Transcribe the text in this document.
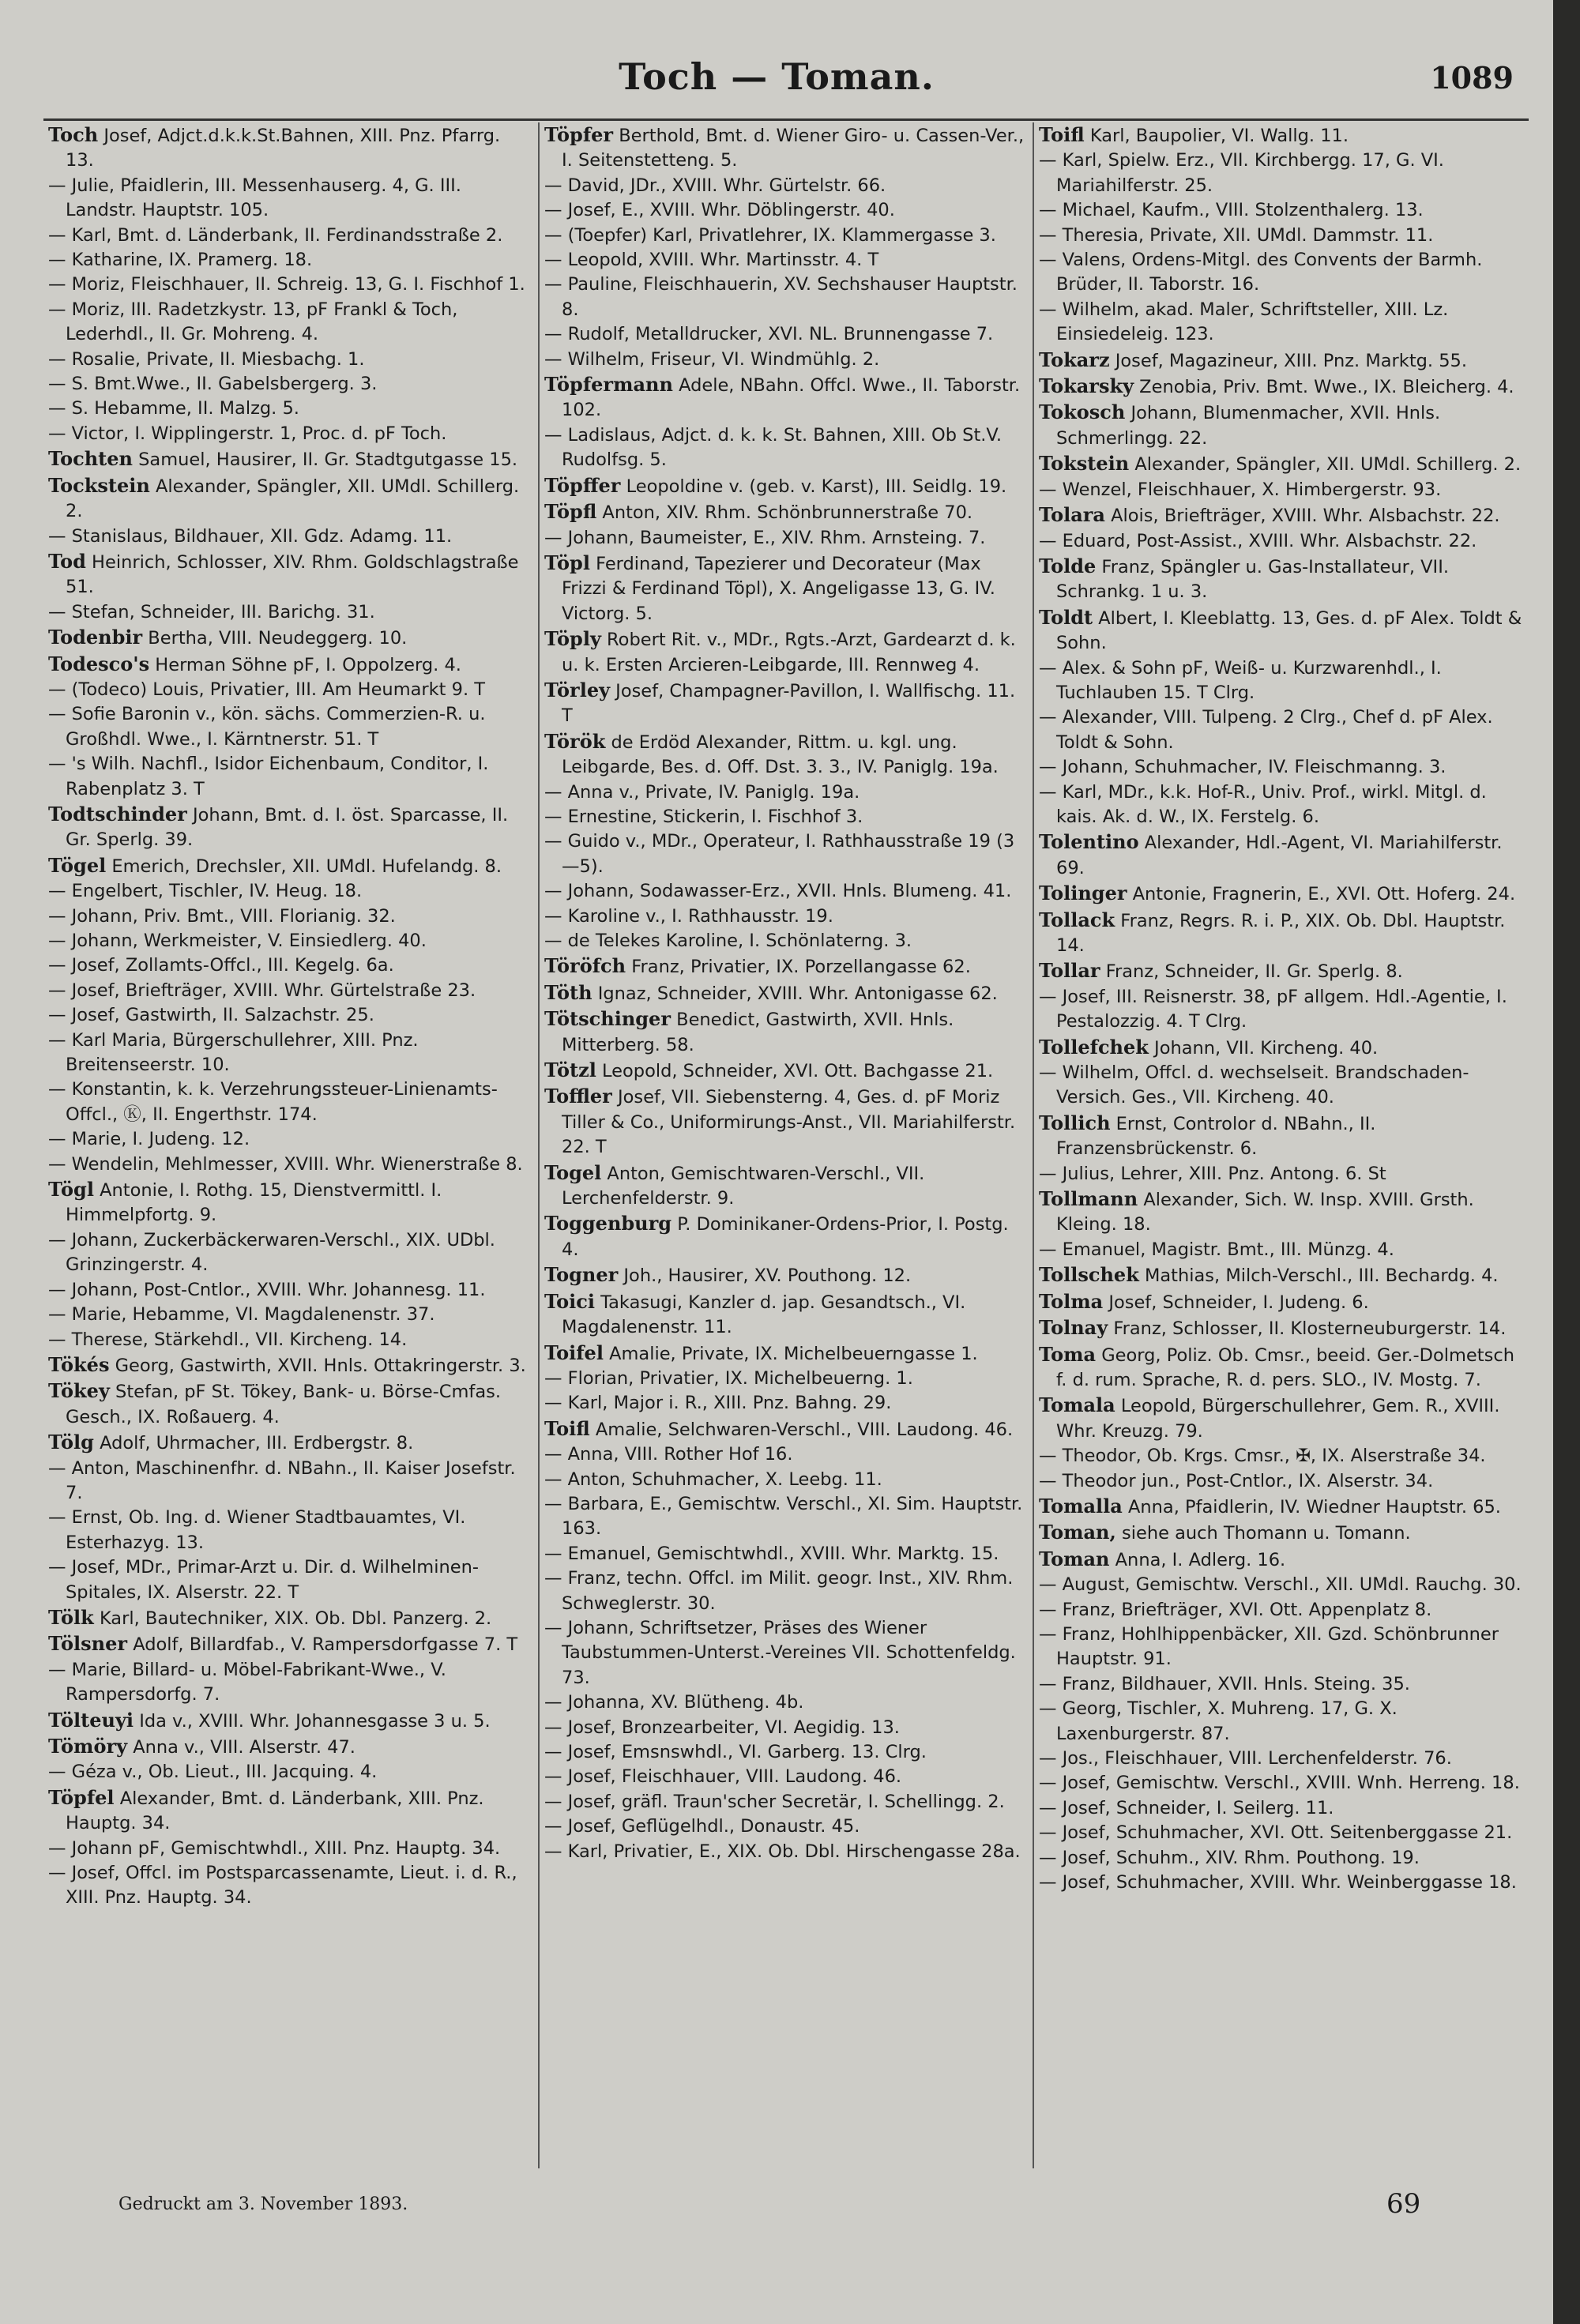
Toch — Toman.	1089

Toch Josef, Adjct.d.k.k.St.Bahnen, XIII. Pnz. Pfarrg. 13.

— Julie, Pfaidlerin, III. Messenhauserg. 4, G. III. Landstr. Hauptstr. 105.

— Karl, Bmt. d. Länderbank, II. Ferdinandsstraße 2.

— Katharine, IX. Pramerg. 18.

— Moriz, Fleischhauer, II. Schreig. 13, G. I. Fischhof 1.

— Moriz, III. Radetzkystr. 13, pF Frankl & Toch, Lederhdl., II. Gr. Mohreng. 4.

— Rosalie, Private, II. Miesbachg. 1.

— S. Bmt.Wwe., II. Gabelsbergerg. 3.

— S. Hebamme, II. Malzg. 5.

— Victor, I. Wipplingerstr. 1, Proc. d. pF Toch.

Tochten Samuel, Hausirer, II. Gr. Stadtgutgasse 15.

Tockstein Alexander, Spängler, XII. UMdl. Schillerg. 2.

— Stanislaus, Bildhauer, XII. Gdz. Adamg. 11.

Tod Heinrich, Schlosser, XIV. Rhm. Goldschlagstraße 51.

— Stefan, Schneider, III. Barichg. 31.

Todenbir Bertha, VIII. Neudeggerg. 10.

Todesco's Herman Söhne pF, I. Oppolzerg. 4.

— (Todeco) Louis, Privatier, III. Am Heumarkt 9. T

— Sofie Baronin v., kön. sächs. Commerzien-R. u. Großhdl. Wwe., I. Kärntnerstr. 51. T

— 's Wilh. Nachfl., Isidor Eichenbaum, Conditor, I. Rabenplatz 3. T

Todtschinder Johann, Bmt. d. I. öst. Sparcasse, II. Gr. Sperlg. 39.

Tögel Emerich, Drechsler, XII. UMdl. Hufelandg. 8.

— Engelbert, Tischler, IV. Heug. 18.

— Johann, Priv. Bmt., VIII. Florianig. 32.

— Johann, Werkmeister, V. Einsiedlerg. 40.

— Josef, Zollamts-Offcl., III. Kegelg. 6a.

— Josef, Briefträger, XVIII. Whr. Gürtelstraße 23.

— Josef, Gastwirth, II. Salzachstr. 25.

— Karl Maria, Bürgerschullehrer, XIII. Pnz. Breitenseerstr. 10.

— Konstantin, k. k. Verzehrungssteuer-Linienamts-Offcl., Ⓚ, II. Engerthstr. 174.

— Marie, I. Judeng. 12.

— Wendelin, Mehlmesser, XVIII. Whr. Wienerstraße 8.

Tögl Antonie, I. Rothg. 15, Dienstvermittl. I. Himmelpfortg. 9.

— Johann, Zuckerbäckerwaren-Verschl., XIX. UDbl. Grinzingerstr. 4.

— Johann, Post-Cntlor., XVIII. Whr. Johannesg. 11.

— Marie, Hebamme, VI. Magdalenenstr. 37.

— Therese, Stärkehdl., VII. Kircheng. 14.

Tökés Georg, Gastwirth, XVII. Hnls. Ottakringerstr. 3.

Tökey Stefan, pF St. Tökey, Bank- u. Börse-Cmfas. Gesch., IX. Roßauerg. 4.

Tölg Adolf, Uhrmacher, III. Erdbergstr. 8.

— Anton, Maschinenfhr. d. NBahn., II. Kaiser Josefstr. 7.

— Ernst, Ob. Ing. d. Wiener Stadtbauamtes, VI. Esterhazyg. 13.

— Josef, MDr., Primar-Arzt u. Dir. d. Wilhelminen-Spitales, IX. Alserstr. 22. T

Tölk Karl, Bautechniker, XIX. Ob. Dbl. Panzerg. 2.

Tölsner Adolf, Billardfab., V. Rampersdorfgasse 7. T

— Marie, Billard- u. Möbel-Fabrikant-Wwe., V. Rampersdorfg. 7.

Tölteuyi Ida v., XVIII. Whr. Johannesgasse 3 u. 5.

Tömöry Anna v., VIII. Alserstr. 47.

— Géza v., Ob. Lieut., III. Jacquing. 4.

Töpfel Alexander, Bmt. d. Länderbank, XIII. Pnz. Hauptg. 34.

— Johann pF, Gemischtwhdl., XIII. Pnz. Hauptg. 34.

— Josef, Offcl. im Postsparcassenamte, Lieut. i. d. R., XIII. Pnz. Hauptg. 34.

Töpfer Berthold, Bmt. d. Wiener Giro- u. Cassen-Ver., I. Seitenstetteng. 5.

— David, JDr., XVIII. Whr. Gürtelstr. 66.

— Josef, E., XVIII. Whr. Döblingerstr. 40.

— (Toepfer) Karl, Privatlehrer, IX. Klammergasse 3.

— Leopold, XVIII. Whr. Martinsstr. 4. T

— Pauline, Fleischhauerin, XV. Sechshauser Hauptstr. 8.

— Rudolf, Metalldrucker, XVI. NL. Brunnengasse 7.

— Wilhelm, Friseur, VI. Windmühlg. 2.

Töpfermann Adele, NBahn. Offcl. Wwe., II. Taborstr. 102.

— Ladislaus, Adjct. d. k. k. St. Bahnen, XIII. Ob St.V. Rudolfsg. 5.

Töpffer Leopoldine v. (geb. v. Karst), III. Seidlg. 19.

Töpfl Anton, XIV. Rhm. Schönbrunnerstraße 70.

— Johann, Baumeister, E., XIV. Rhm. Arnsteing. 7.

Töpl Ferdinand, Tapezierer und Decorateur (Max Frizzi & Ferdinand Töpl), X. Angeligasse 13, G. IV. Victorg. 5.

Töply Robert Rit. v., MDr., Rgts.-Arzt, Gardearzt d. k. u. k. Ersten Arcieren-Leibgarde, III. Rennweg 4.

Törley Josef, Champagner-Pavillon, I. Wallfischg. 11. T

Török de Erdöd Alexander, Rittm. u. kgl. ung. Leibgarde, Bes. d. Off. Dst. 3. 3., IV. Paniglg. 19a.

— Anna v., Private, IV. Paniglg. 19a.

— Ernestine, Stickerin, I. Fischhof 3.

— Guido v., MDr., Operateur, I. Rathhausstraße 19 (3—5).

— Johann, Sodawasser-Erz., XVII. Hnls. Blumeng. 41.

— Karoline v., I. Rathhausstr. 19.

— de Telekes Karoline, I. Schönlaterng. 3.

Töröfch Franz, Privatier, IX. Porzellangasse 62.

Töth Ignaz, Schneider, XVIII. Whr. Antonigasse 62.

Tötschinger Benedict, Gastwirth, XVII. Hnls. Mitterberg. 58.

Tötzl Leopold, Schneider, XVI. Ott. Bachgasse 21.

Toffler Josef, VII. Siebensterng. 4, Ges. d. pF Moriz Tiller & Co., Uniformirungs-Anst., VII. Mariahilferstr. 22. T

Togel Anton, Gemischtwaren-Verschl., VII. Lerchenfelderstr. 9.

Toggenburg P. Dominikaner-Ordens-Prior, I. Postg. 4.

Togner Joh., Hausirer, XV. Pouthong. 12.

Toici Takasugi, Kanzler d. jap. Gesandtsch., VI. Magdalenenstr. 11.

Toifel Amalie, Private, IX. Michelbeuerngasse 1.

— Florian, Privatier, IX. Michelbeuerng. 1.

— Karl, Major i. R., XIII. Pnz. Bahng. 29.

Toifl Amalie, Selchwaren-Verschl., VIII. Laudong. 46.

— Anna, VIII. Rother Hof 16.

— Anton, Schuhmacher, X. Leebg. 11.

— Barbara, E., Gemischtw. Verschl., XI. Sim. Hauptstr. 163.

— Emanuel, Gemischtwhdl., XVIII. Whr. Marktg. 15.

— Franz, techn. Offcl. im Milit. geogr. Inst., XIV. Rhm. Schweglerstr. 30.

— Johann, Schriftsetzer, Präses des Wiener Taubstummen-Unterst.-Vereines VII. Schottenfeldg. 73.

— Johanna, XV. Blütheng. 4b.

— Josef, Bronzearbeiter, VI. Aegidig. 13.

— Josef, Emsnswhdl., VI. Garberg. 13. Clrg.

— Josef, Fleischhauer, VIII. Laudong. 46.

— Josef, gräfl. Traun'scher Secretär, I. Schellingg. 2.

— Josef, Geflügelhdl., Donaustr. 45.

— Karl, Privatier, E., XIX. Ob. Dbl. Hirschengasse 28a.

Toifl Karl, Baupolier, VI. Wallg. 11.

— Karl, Spielw. Erz., VII. Kirchbergg. 17, G. VI. Mariahilferstr. 25.

— Michael, Kaufm., VIII. Stolzenthalerg. 13.

— Theresia, Private, XII. UMdl. Dammstr. 11.

— Valens, Ordens-Mitgl. des Convents der Barmh. Brüder, II. Taborstr. 16.

— Wilhelm, akad. Maler, Schriftsteller, XIII. Lz. Einsiedeleig. 123.

Tokarz Josef, Magazineur, XIII. Pnz. Marktg. 55.

Tokarsky Zenobia, Priv. Bmt. Wwe., IX. Bleicherg. 4.

Tokosch Johann, Blumenmacher, XVII. Hnls. Schmerlingg. 22.

Tokstein Alexander, Spängler, XII. UMdl. Schillerg. 2.

— Wenzel, Fleischhauer, X. Himbergerstr. 93.

Tolara Alois, Briefträger, XVIII. Whr. Alsbachstr. 22.

— Eduard, Post-Assist., XVIII. Whr. Alsbachstr. 22.

Tolde Franz, Spängler u. Gas-Installateur, VII. Schrankg. 1 u. 3.

Toldt Albert, I. Kleeblattg. 13, Ges. d. pF Alex. Toldt & Sohn.

— Alex. & Sohn pF, Weiß- u. Kurzwarenhdl., I. Tuchlauben 15. T Clrg.

— Alexander, VIII. Tulpeng. 2 Clrg., Chef d. pF Alex. Toldt & Sohn.

— Johann, Schuhmacher, IV. Fleischmanng. 3.

— Karl, MDr., k.k. Hof-R., Univ. Prof., wirkl. Mitgl. d. kais. Ak. d. W., IX. Ferstelg. 6.

Tolentino Alexander, Hdl.-Agent, VI. Mariahilferstr. 69.

Tolinger Antonie, Fragnerin, E., XVI. Ott. Hoferg. 24.

Tollack Franz, Regrs. R. i. P., XIX. Ob. Dbl. Hauptstr. 14.

Tollar Franz, Schneider, II. Gr. Sperlg. 8.

— Josef, III. Reisnerstr. 38, pF allgem. Hdl.-Agentie, I. Pestalozzig. 4. T Clrg.

Tollefchek Johann, VII. Kircheng. 40.

— Wilhelm, Offcl. d. wechselseit. Brandschaden-Versich. Ges., VII. Kircheng. 40.

Tollich Ernst, Controlor d. NBahn., II. Franzensbrückenstr. 6.

— Julius, Lehrer, XIII. Pnz. Antong. 6. St

Tollmann Alexander, Sich. W. Insp. XVIII. Grsth. Kleing. 18.

— Emanuel, Magistr. Bmt., III. Münzg. 4.

Tollschek Mathias, Milch-Verschl., III. Bechardg. 4.

Tolma Josef, Schneider, I. Judeng. 6.

Tolnay Franz, Schlosser, II. Klosterneuburgerstr. 14.

Toma Georg, Poliz. Ob. Cmsr., beeid. Ger.-Dolmetsch f. d. rum. Sprache, R. d. pers. SLO., IV. Mostg. 7.

Tomala Leopold, Bürgerschullehrer, Gem. R., XVIII. Whr. Kreuzg. 79.

— Theodor, Ob. Krgs. Cmsr., ✠, IX. Alserstraße 34.

— Theodor jun., Post-Cntlor., IX. Alserstr. 34.

Tomalla Anna, Pfaidlerin, IV. Wiedner Hauptstr. 65.

Toman, siehe auch Thomann u. Tomann.

Toman Anna, I. Adlerg. 16.

— August, Gemischtw. Verschl., XII. UMdl. Rauchg. 30.

— Franz, Briefträger, XVI. Ott. Appenplatz 8.

— Franz, Hohlhippenbäcker, XII. Gzd. Schönbrunner Hauptstr. 91.

— Franz, Bildhauer, XVII. Hnls. Steing. 35.

— Georg, Tischler, X. Muhreng. 17, G. X. Laxenburgerstr. 87.

— Jos., Fleischhauer, VIII. Lerchenfelderstr. 76.

— Josef, Gemischtw. Verschl., XVIII. Wnh. Herreng. 18.

— Josef, Schneider, I. Seilerg. 11.

— Josef, Schuhmacher, XVI. Ott. Seitenberggasse 21.

— Josef, Schuhm., XIV. Rhm. Pouthong. 19.

— Josef, Schuhmacher, XVIII. Whr. Weinberggasse 18.

Gedruckt am 3. November 1893.	69
